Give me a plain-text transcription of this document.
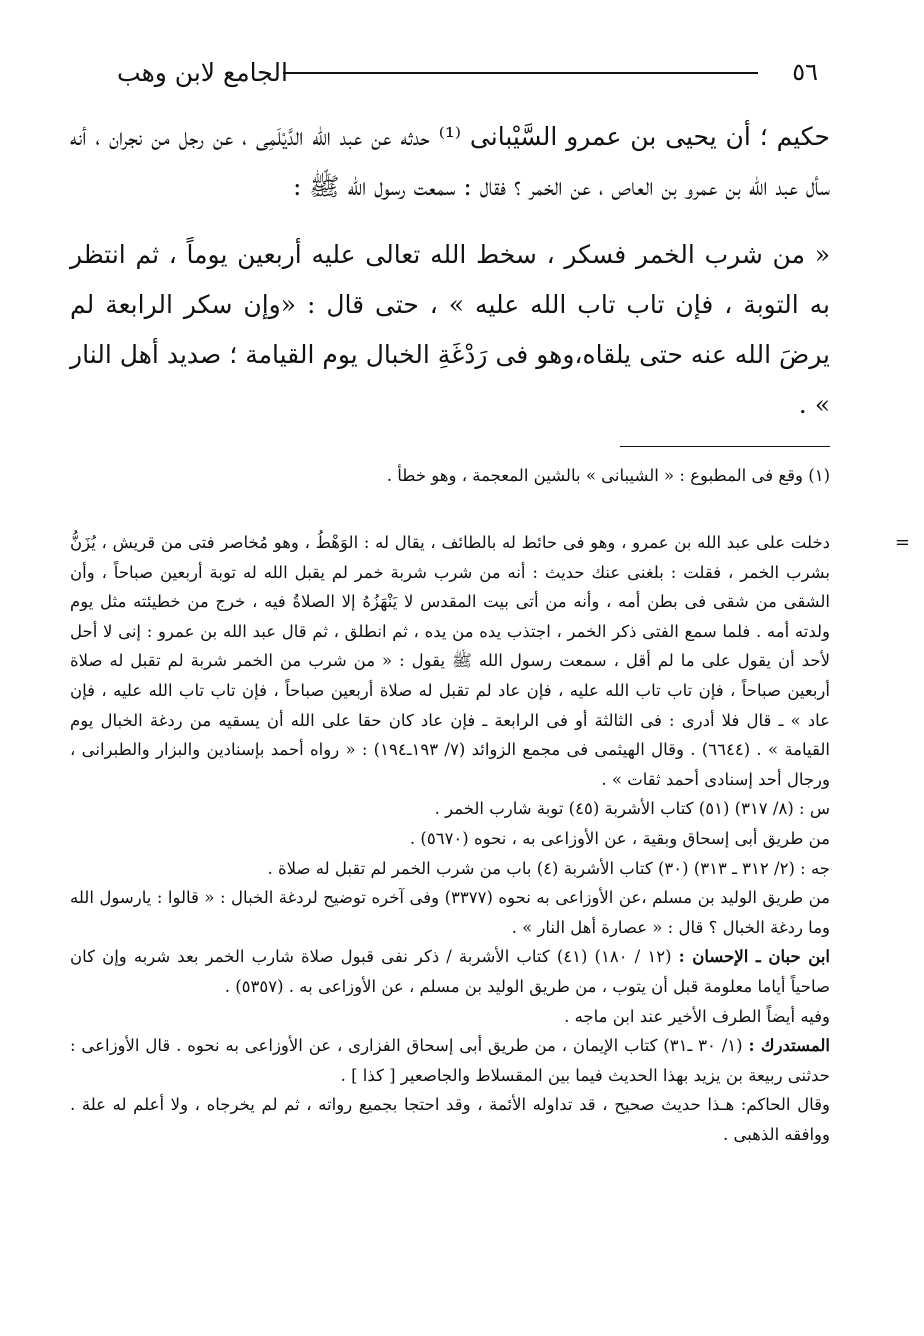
٥٦
الجامع لابن وهب

حكيم ؛ أن يحيى بن عمرو السَّيْبانى ⁽¹⁾ حدثه عن عبد الله الدَّيْلَمِى ، عن رجل من نجران ، أنه سأل عبد الله بن عمرو بن العاص ، عن الخمر ؟ فقال : سمعت رسول الله ﷺ :

« من شرب الخمر فسكر ، سخط الله تعالى عليه أربعين يوماً ، ثم انتظر به التوبة ، فإن تاب تاب الله عليه » ، حتى قال : «وإن سكر الرابعة لم يرضَ الله عنه حتى يلقاه،وهو فى رَدْغَةِ الخبال يوم القيامة ؛ صديد أهل النار » .

(١) وقع فى المطبوع : « الشيبانى » بالشين المعجمة ، وهو خطأ .
=

دخلت على عبد الله بن عمرو ، وهو فى حائط له بالطائف ، يقال له : الوَهْطُ ، وهو مُخاصر فتى من قريش ، يُزَنُّ بشرب الخمر ، فقلت : بلغنى عنك حديث : أنه من شرب شربة خمر لم يقبل الله له توبة أربعين صباحاً ، وأن الشقى من شقى فى بطن أمه ، وأنه من أتى بيت المقدس لا يَنْهَزُهُ إلا الصلاةُ فيه ، خرج من خطيئته مثل يوم ولدته أمه . فلما سمع الفتى ذكر الخمر ، اجتذب يده من يده ، ثم انطلق ، ثم قال عبد الله بن عمرو : إنى لا أحل لأحد أن يقول على ما لم أقل ، سمعت رسول الله ﷺ يقول : « من شرب من الخمر شربة لم تقبل له صلاة أربعين صباحاً ، فإن تاب تاب الله عليه ، فإن عاد لم تقبل له صلاة أربعين صباحاً ، فإن تاب تاب الله عليه ، فإن عاد » ـ قال فلا أدرى : فى الثالثة أو فى الرابعة ـ فإن عاد كان حقا على الله أن يسقيه من ردغة الخبال يوم القيامة » . (٦٦٤٤) . وقال الهيثمى فى مجمع الزوائد (٧/ ١٩٣ـ١٩٤) : « رواه أحمد بإسنادين والبزار والطبرانى ، ورجال أحد إسنادى أحمد ثقات » .

س : (٨/ ٣١٧) (٥١) كتاب الأشربة (٤٥) توبة شارب الخمر .

من طريق أبى إسحاق وبقية ، عن الأوزاعى به ، نحوه (٥٦٧٠) .

جه : (٢/ ٣١٢ ـ ٣١٣) (٣٠) كتاب الأشربة (٤) باب من شرب الخمر لم تقبل له صلاة .

من طريق الوليد بن مسلم ،عن الأوزاعى به نحوه (٣٣٧٧) وفى آخره توضيح لردغة الخبال : « قالوا : يارسول الله وما ردغة الخبال ؟ قال : « عصارة أهل النار » .

ابن حبان ـ الإحسان : (١٢ / ١٨٠) (٤١) كتاب الأشربة / ذكر نفى قبول صلاة شارب الخمر بعد شربه وإن كان صاحياً أياما معلومة قبل أن يتوب ، من طريق الوليد بن مسلم ، عن الأوزاعى به . (٥٣٥٧) .

وفيه أيضاً الطرف الأخير عند ابن ماجه .

المستدرك : (١/ ٣٠ ـ٣١) كتاب الإيمان ، من طريق أبى إسحاق الفزارى ، عن الأوزاعى به نحوه . قال الأوزاعى : حدثنى ربيعة بن يزيد بهذا الحديث فيما بين المقسلاط والجاصعير [ كذا ] .

وقال الحاكم: هـذا حديث صحيح ، قد تداوله الأئمة ، وقد احتجا بجميع رواته ، ثم لم يخرجاه ، ولا أعلم له علة . ووافقه الذهبى .
